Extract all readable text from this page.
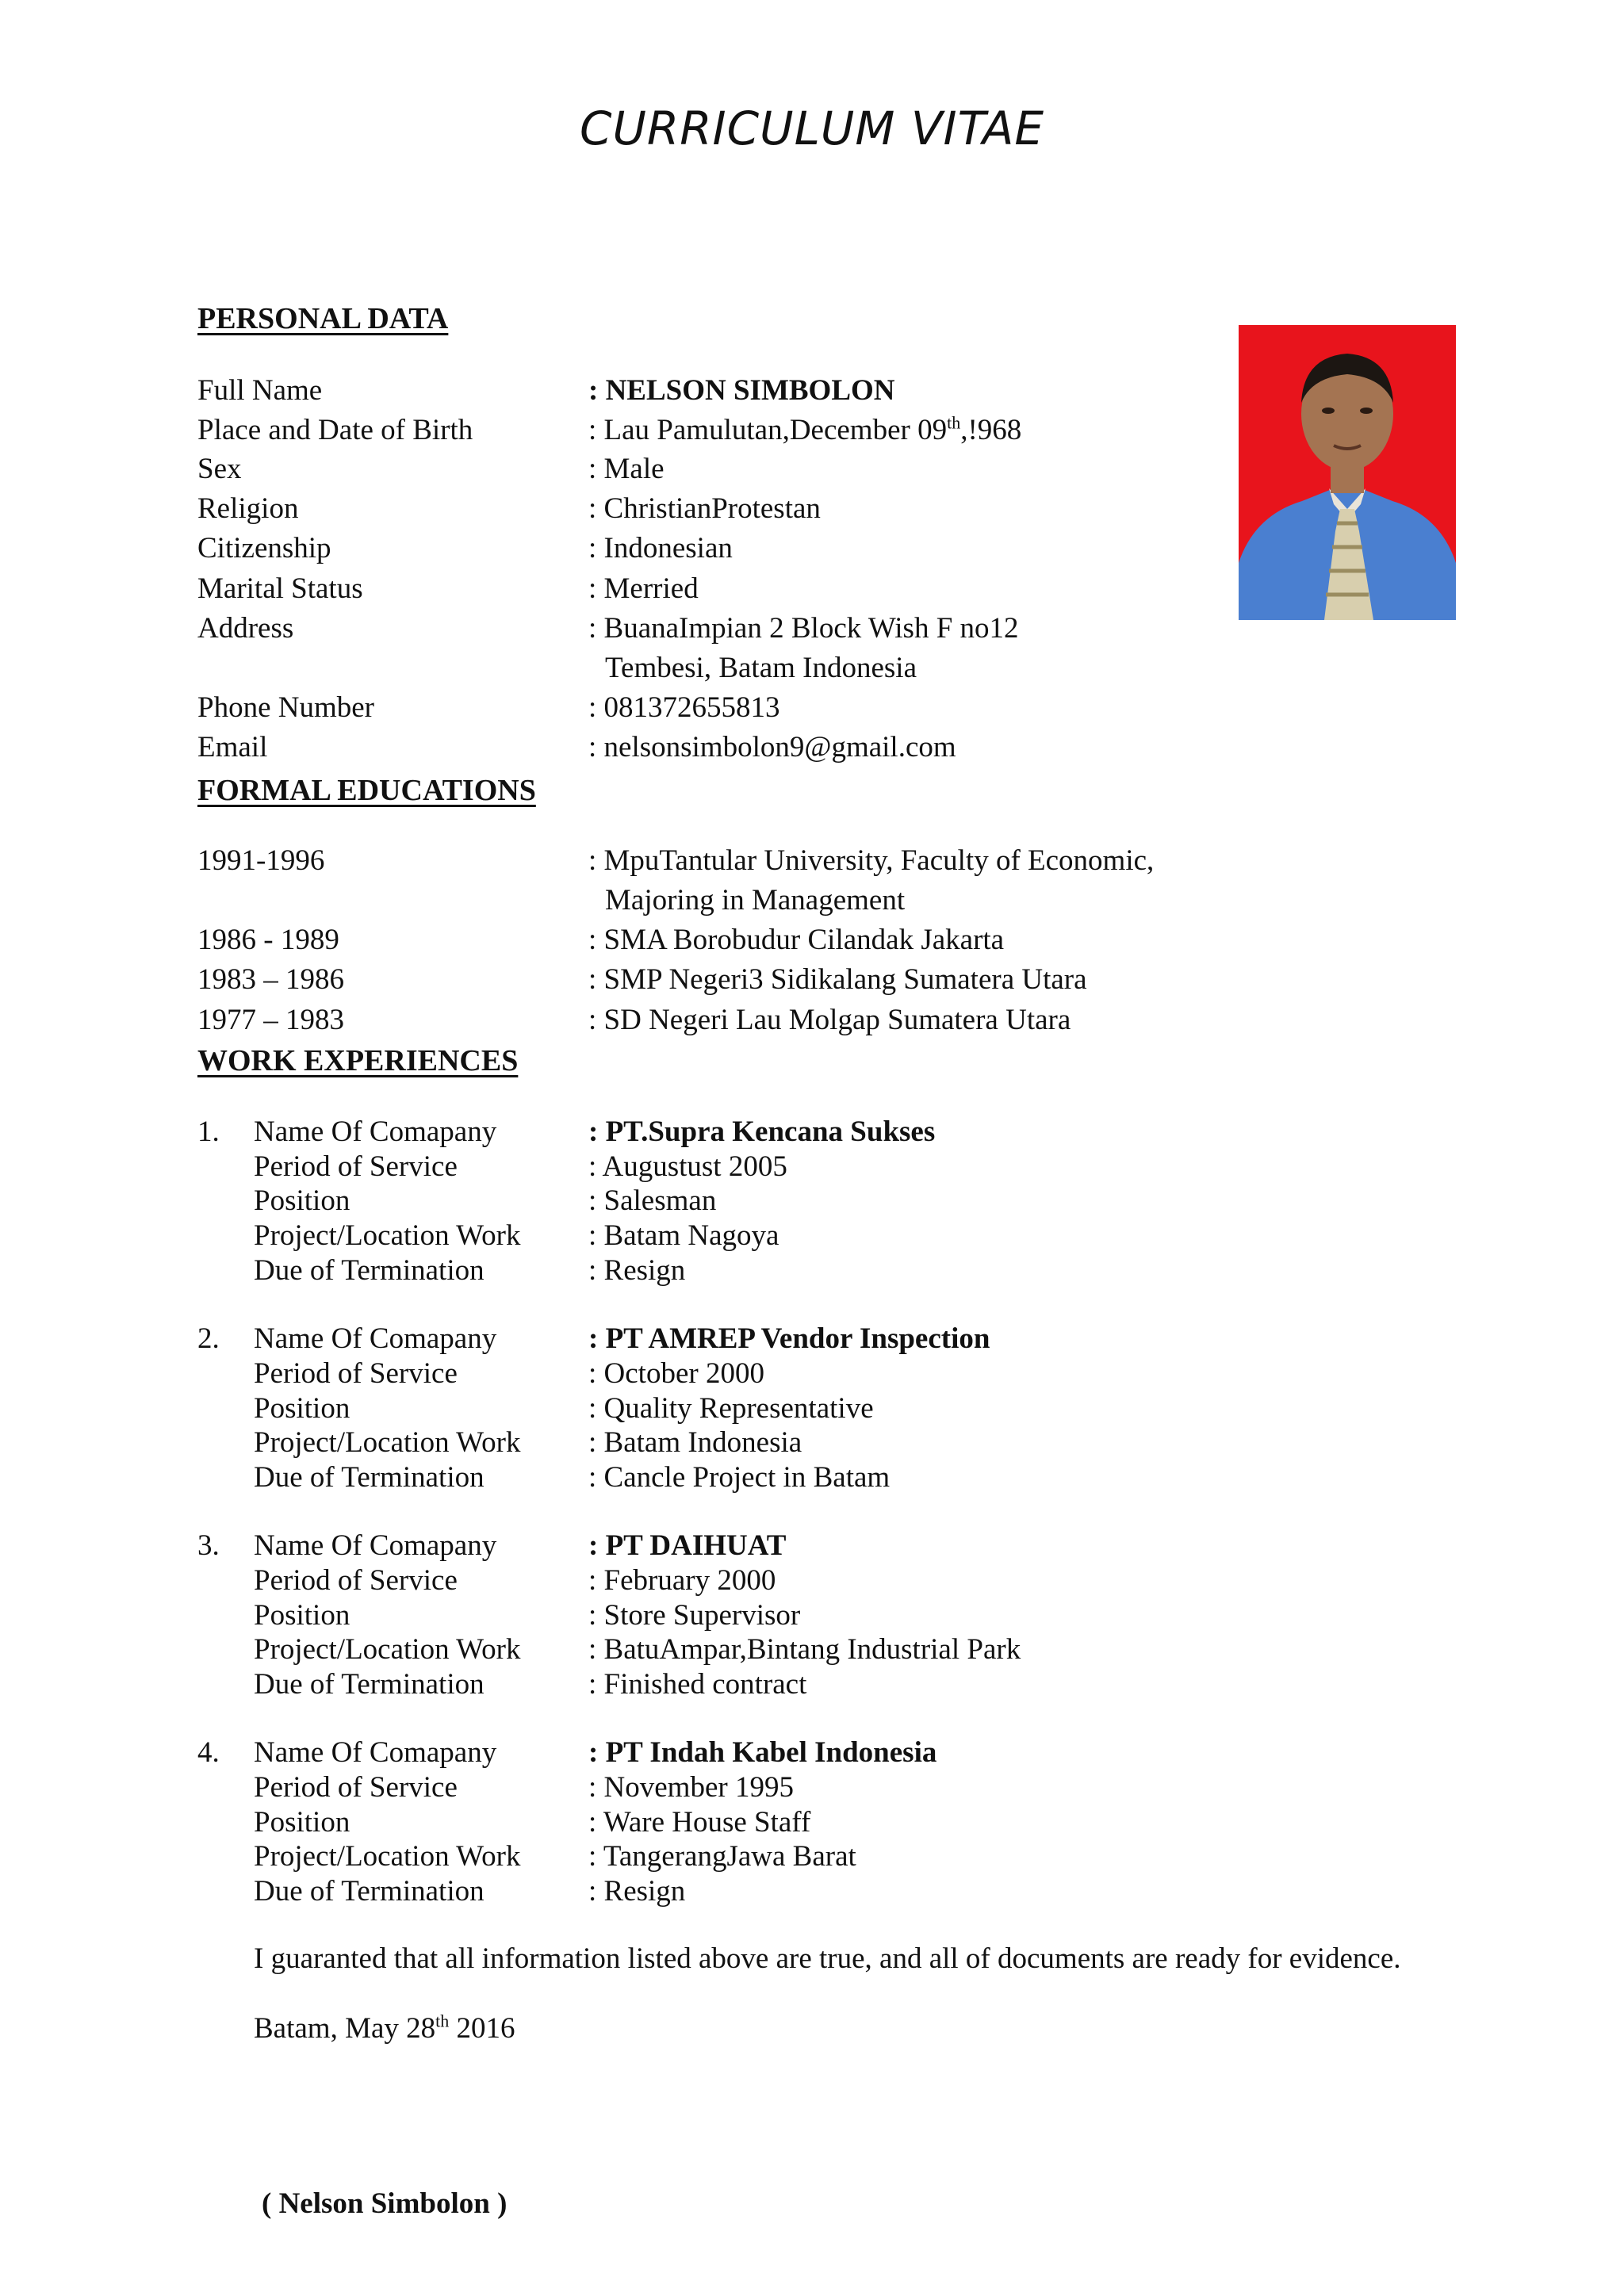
CURRICULUM VITAE
PERSONAL DATA
Full Name	: NELSON SIMBOLON
Place and Date of Birth	: Lau Pamulutan,December 09th,!968
Sex	: Male
Religion	: ChristianProtestan
Citizenship	: Indonesian
Marital Status	: Merried
Address	: BuanaImpian 2 Block Wish F no12
Tembesi, Batam Indonesia
Phone Number	: 081372655813
Email	: nelsonsimbolon9@gmail.com
FORMAL EDUCATIONS
1991-1996	: MpuTantular University, Faculty of Economic,
Majoring in Management
1986 - 1989	: SMA Borobudur Cilandak Jakarta
1983 – 1986	: SMP Negeri3 Sidikalang Sumatera Utara
1977 – 1983	: SD Negeri Lau Molgap Sumatera Utara
WORK EXPERIENCES
1. Name Of Comapany	: PT.Supra Kencana Sukses
Period of Service	: Augustust 2005
Position	: Salesman
Project/Location Work : Batam Nagoya
Due of Termination	: Resign
2. Name Of Comapany	: PT AMREP Vendor Inspection
Period of Service	: October 2000
Position	: Quality Representative
Project/Location Work : Batam Indonesia
Due of Termination	: Cancle Project in Batam
3. Name Of Comapany	: PT DAIHUAT
Period of Service	: February 2000
Position	: Store Supervisor
Project/Location Work : BatuAmpar,Bintang Industrial Park
Due of Termination	: Finished contract
4. Name Of Comapany	: PT Indah Kabel Indonesia
Period of Service	: November 1995
Position	: Ware House Staff
Project/Location Work : TangerangJawa Barat
Due of Termination	: Resign
I guaranted that all information listed above are true, and all of documents are ready for evidence.
Batam, May 28th 2016
( Nelson Simbolon )
